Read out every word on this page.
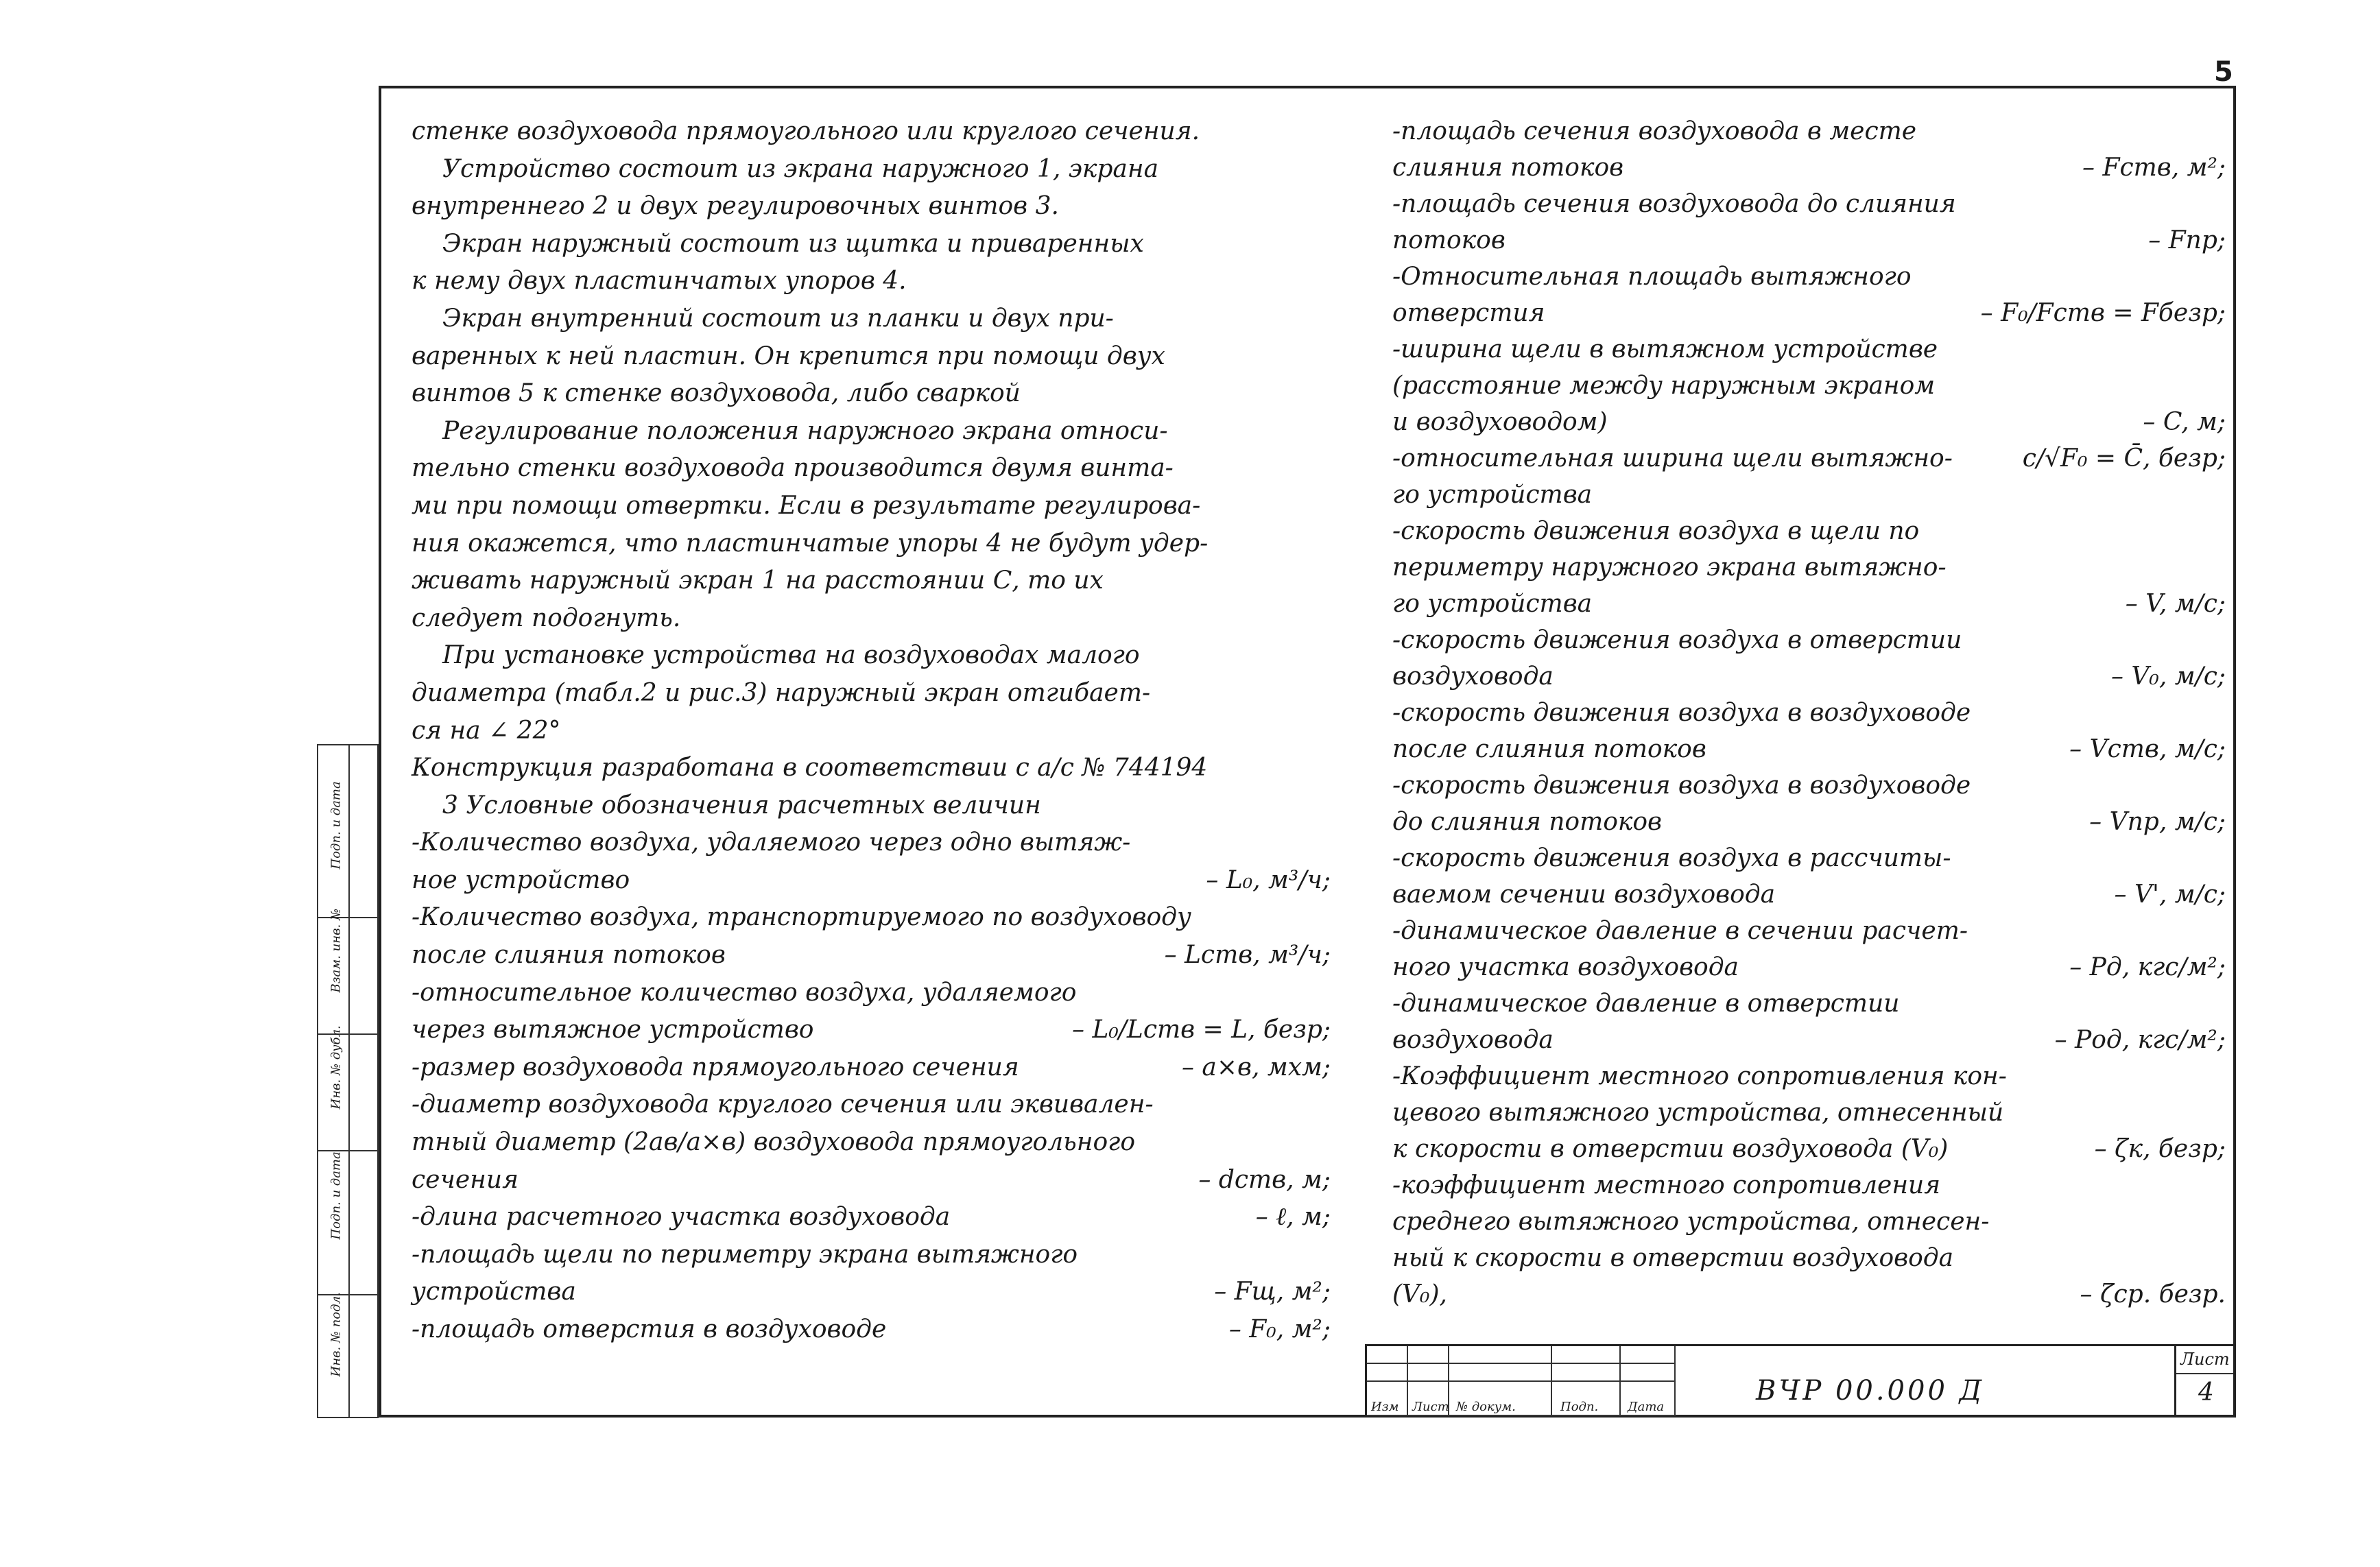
5
стенке воздуховода прямоугольного или круглого сечения.
Устройство состоит из экрана наружного 1, экрана
внутреннего 2 и двух регулировочных винтов 3.
Экран наружный состоит из щитка и приваренных
к нему двух пластинчатых упоров 4.
Экран внутренний состоит из планки и двух при-
варенных к ней пластин. Он крепится при помощи двух
винтов 5 к стенке воздуховода, либо сваркой
Регулирование положения наружного экрана относи-
тельно стенки воздуховода производится двумя винта-
ми при помощи отвертки. Если в результате регулирова-
ния окажется, что пластинчатые упоры 4 не будут удер-
живать наружный экран 1 на расстоянии С, то их
следует подогнуть.
При установке устройства на воздуховодах малого
диаметра (табл.2 и рис.3) наружный экран отгибает-
ся на ∠ 22°
Конструкция разработана в соответствии с а/с № 744194
3 Условные обозначения расчетных величин
-Количество воздуха, удаляемого через одно вытяж-
ное устройство	– L₀, м³/ч;
-Количество воздуха, транспортируемого по воздуховоду
после слияния потоков	– Lcтв, м³/ч;
-относительное количество воздуха, удаляемого
через вытяжное устройство	– L₀/Lcтв = L, безр;
-размер воздуховода прямоугольного сечения	– a×в, мхм;
-диаметр воздуховода круглого сечения или эквивален-
тный диаметр (2aв/a×в) воздуховода прямоугольного
сечения	– dcтв, м;
-длина расчетного участка воздуховода	– ℓ, м;
-площадь щели по периметру экрана вытяжного
устройства	– Fщ, м²;
-площадь отверстия в воздуховоде	– F₀, м²;
-площадь сечения воздуховода в месте
слияния потоков	– Fcтв, м²;
-площадь сечения воздуховода до слияния
потоков	– Fпр;
-Относительная площадь вытяжного
отверстия	– F₀/Fcтв = Fбезр;
-ширина щели в вытяжном устройстве
(расстояние между наружным экраном
и воздуховодом)	– C, м;
-относительная ширина щели вытяжно-	c/√F₀ = C̄, безр;
го устройства
-скорость движения воздуха в щели по
периметру наружного экрана вытяжно-
го устройства	– V, м/с;
-скорость движения воздуха в отверстии
воздуховода	– V₀, м/с;
-скорость движения воздуха в воздуховоде
после слияния потоков	– Vcтв, м/с;
-скорость движения воздуха в воздуховоде
до слияния потоков	– Vпр, м/с;
-скорость движения воздуха в рассчиты-
ваемом сечении воздуховода	– V', м/с;
-динамическое давление в сечении расчет-
ного участка воздуховода	– Pд, кгс/м²;
-динамическое давление в отверстии
воздуховода	– Pод, кгс/м²;
-Коэффициент местного сопротивления кон-
цевого вытяжного устройства, отнесенный
к скорости в отверстии воздуховода (V₀)	– ζк, безр;
-коэффициент местного сопротивления
среднего вытяжного устройства, отнесен-
ный к скорости в отверстии воздуховода
(V₀),	– ζср. безр.
Подп. и дата
Взам. инв. №
Инв. № дубл.
Подп. и дата
Инв. № подл.
Изм Лист № докум.	Подп. Дата
ВЧР 00.000 Д
Лист
4
